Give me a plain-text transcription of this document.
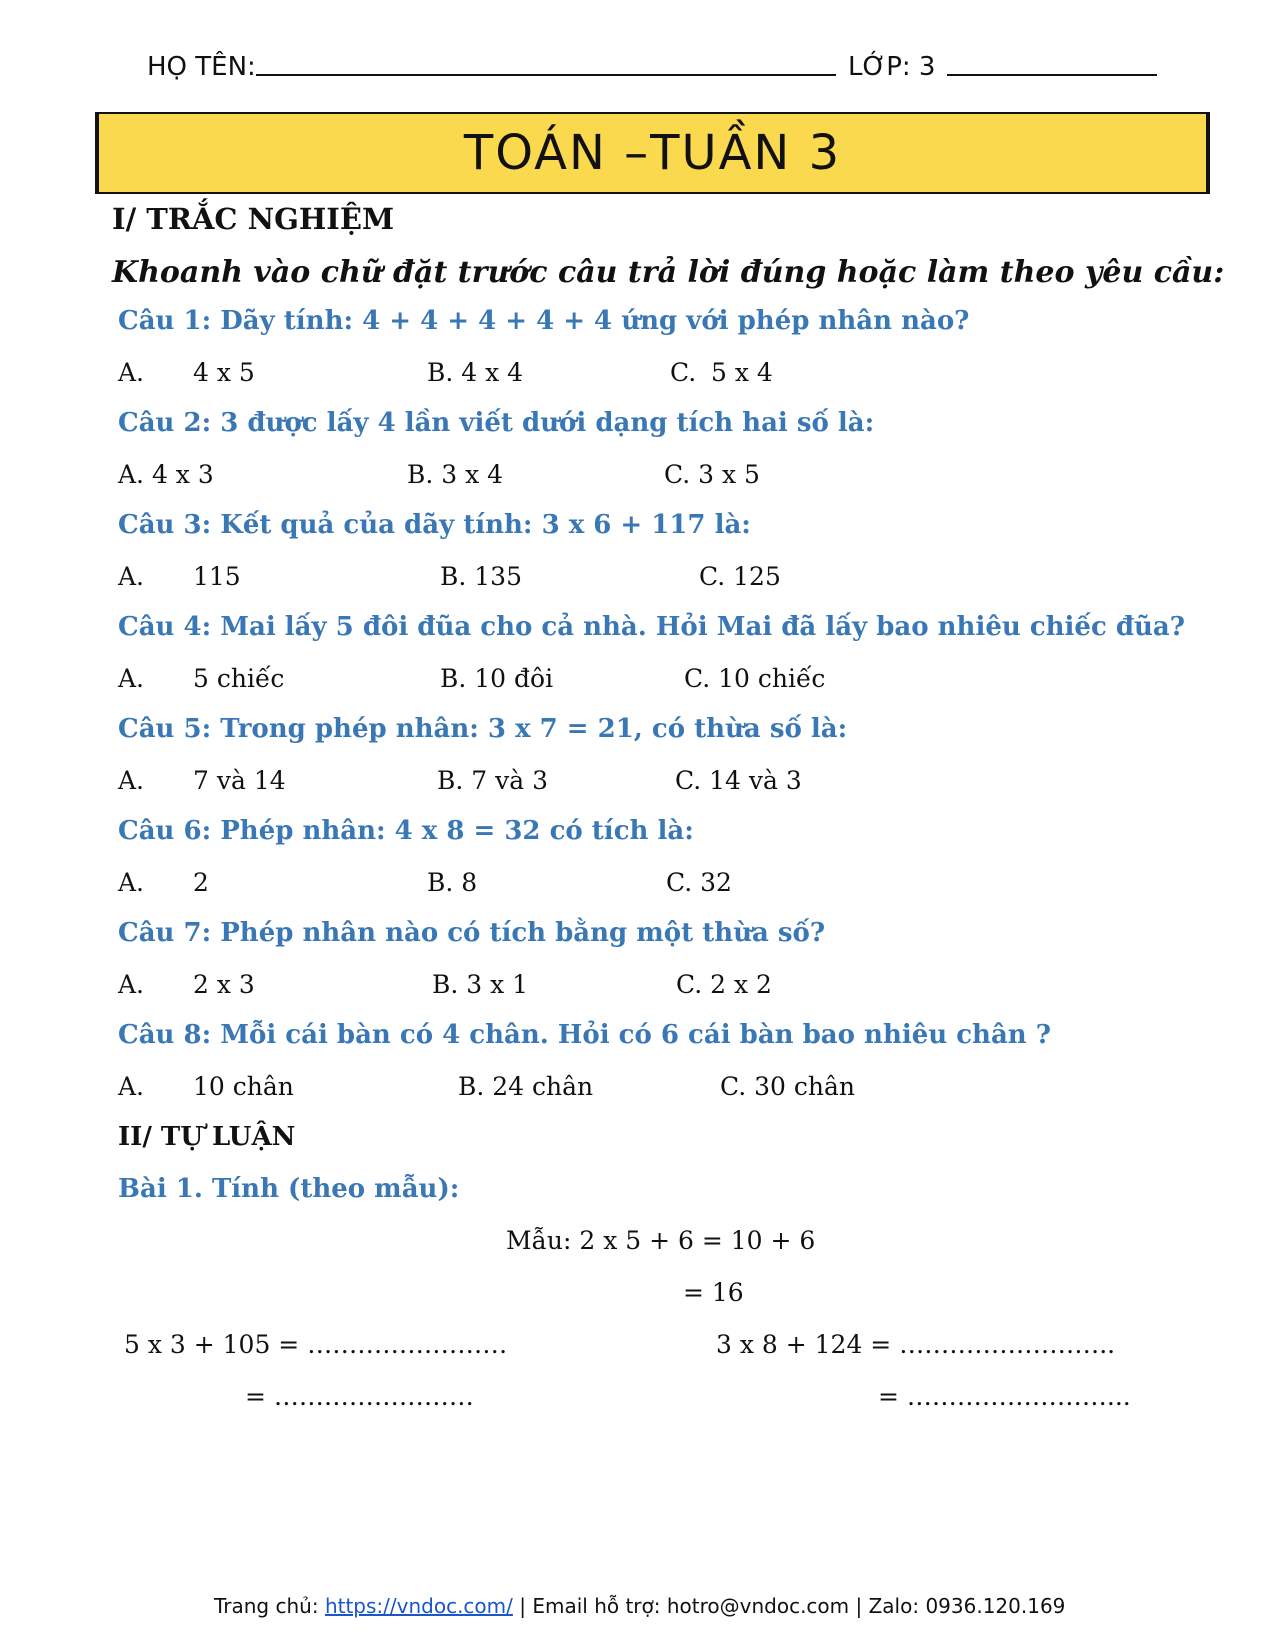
HỌ TÊN:	LỚP: 3
TOÁN –TUẦN 3
I/ TRẮC NGHIỆM
Khoanh vào chữ đặt trước câu trả lời đúng hoặc làm theo yêu cầu:
Câu 1: Dãy tính: 4 + 4 + 4 + 4 + 4 ứng với phép nhân nào?
A. 4 x 5	B. 4 x 4	C. 5 x 4
Câu 2: 3 được lấy 4 lần viết dưới dạng tích hai số là:
A. 4 x 3	B. 3 x 4	C. 3 x 5
Câu 3: Kết quả của dãy tính: 3 x 6 + 117 là:
A. 115	B. 135	C. 125
Câu 4: Mai lấy 5 đôi đũa cho cả nhà. Hỏi Mai đã lấy bao nhiêu chiếc đũa?
A. 5 chiếc	B. 10 đôi	C. 10 chiếc
Câu 5: Trong phép nhân: 3 x 7 = 21, có thừa số là:
A. 7 và 14	B. 7 và 3	C. 14 và 3
Câu 6: Phép nhân: 4 x 8 = 32 có tích là:
A. 2	B. 8	C. 32
Câu 7: Phép nhân nào có tích bằng một thừa số?
A. 2 x 3	B. 3 x 1	C. 2 x 2
Câu 8: Mỗi cái bàn có 4 chân. Hỏi có 6 cái bàn bao nhiêu chân ?
A. 10 chân	B. 24 chân	C. 30 chân
II/ TỰ LUẬN
Bài 1. Tính (theo mẫu):
Mẫu: 2 x 5 + 6 = 10 + 6
= 16
5 x 3 + 105 = ……………………
= ……………………
3 x 8 + 124 = ……………………..
= ……………………...
Trang chủ: https://vndoc.com/ | Email hỗ trợ: hotro@vndoc.com | Zalo: 0936.120.169
